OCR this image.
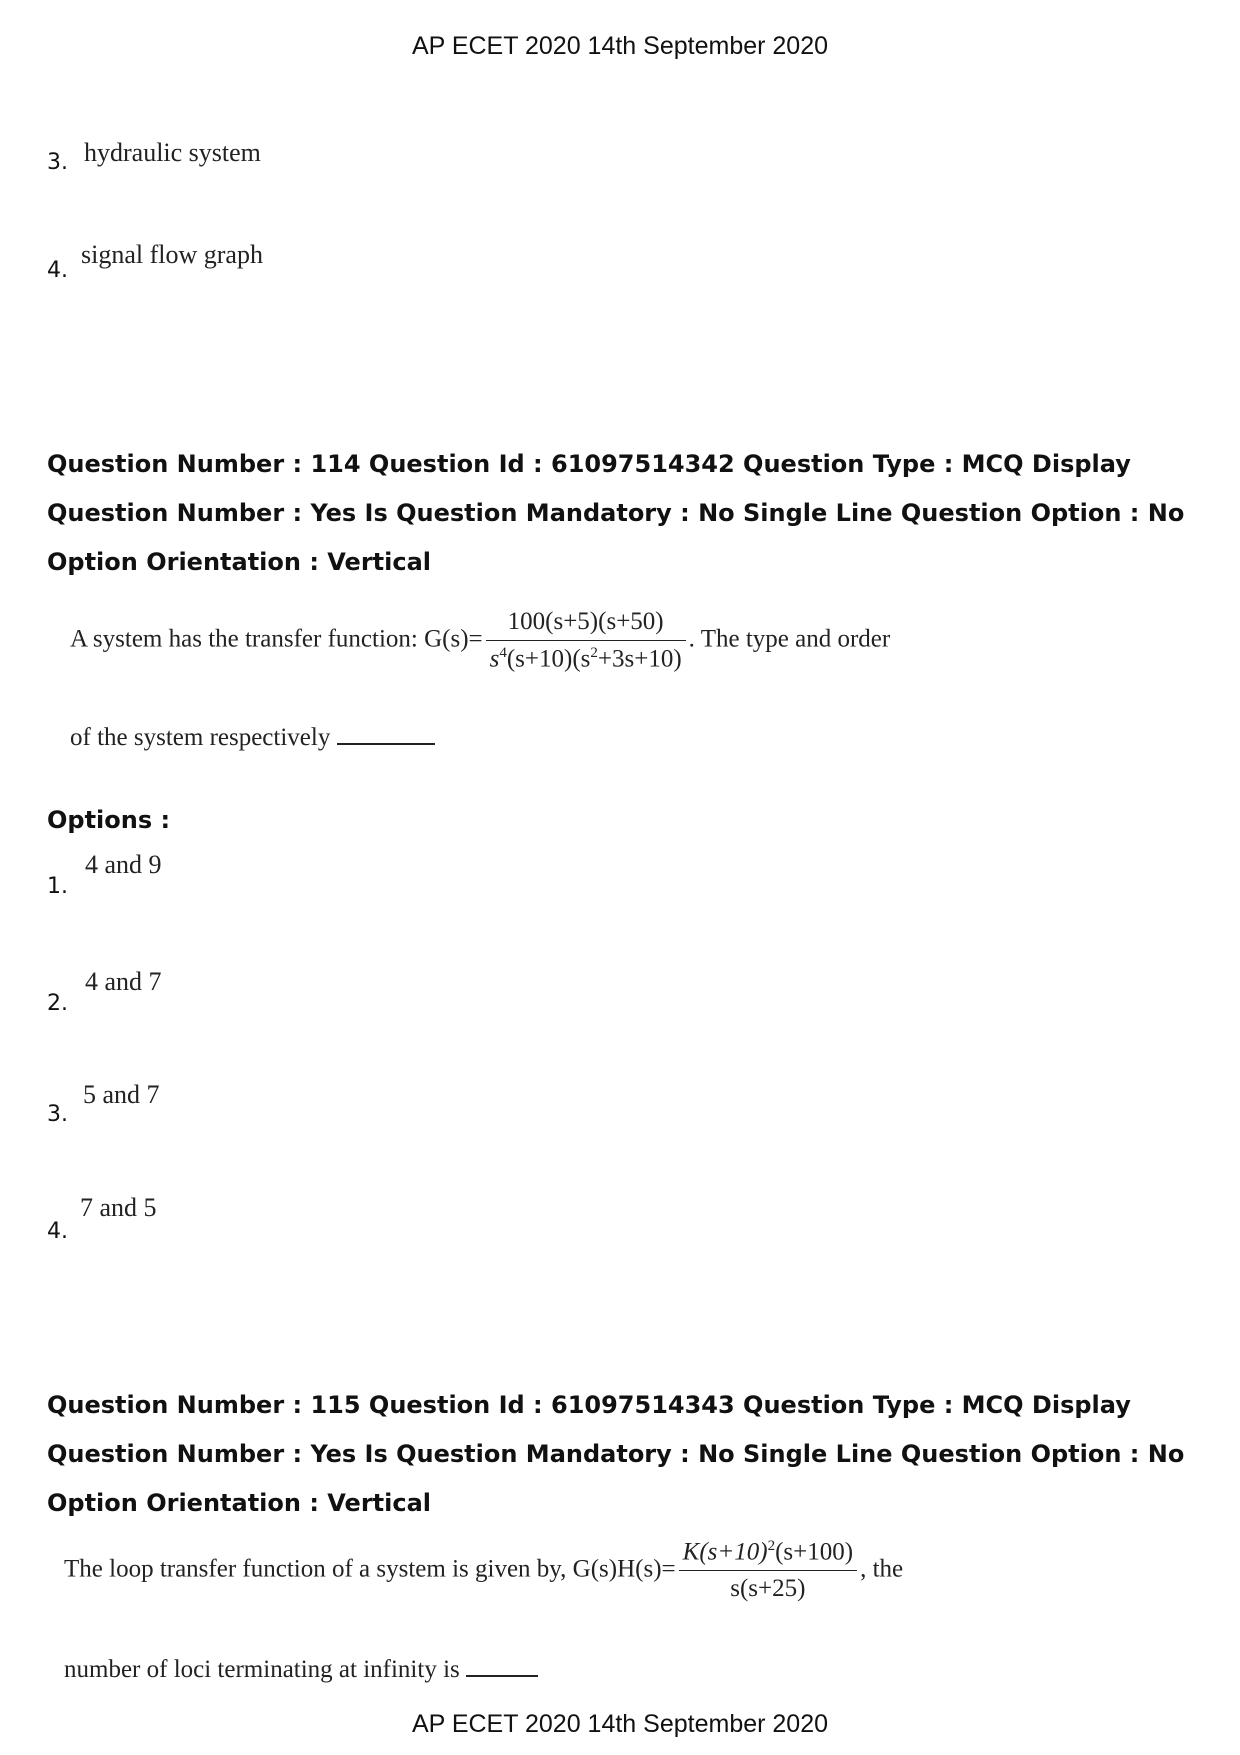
AP ECET 2020 14th September 2020
3. hydraulic system
4.
signal flow graph
Question Number : 114 Question Id : 61097514342 Question Type : MCQ Display Question Number : Yes Is Question Mandatory : No Single Line Question Option : No Option Orientation : Vertical
A system has the transfer function: $G(s)= \frac{100(s+5)(s+50)}{s^4(s+10)(s^2+3s+10)}$ . The type and order
of the system respectively
Options :
1.
4 and 9
2.
4 and 7
3.
5 and 7
4.
7 and 5
Question Number : 115 Question Id : 61097514343 Question Type : MCQ Display Question Number : Yes Is Question Mandatory : No Single Line Question Option : No Option Orientation : Vertical
The loop transfer function of a system is given by, $G(s)H(s)= \frac{K(s+10)^2(s+100)}{s(s+25)}$ , the
number of loci terminating at infinity is
AP ECET 2020 14th September 2020
